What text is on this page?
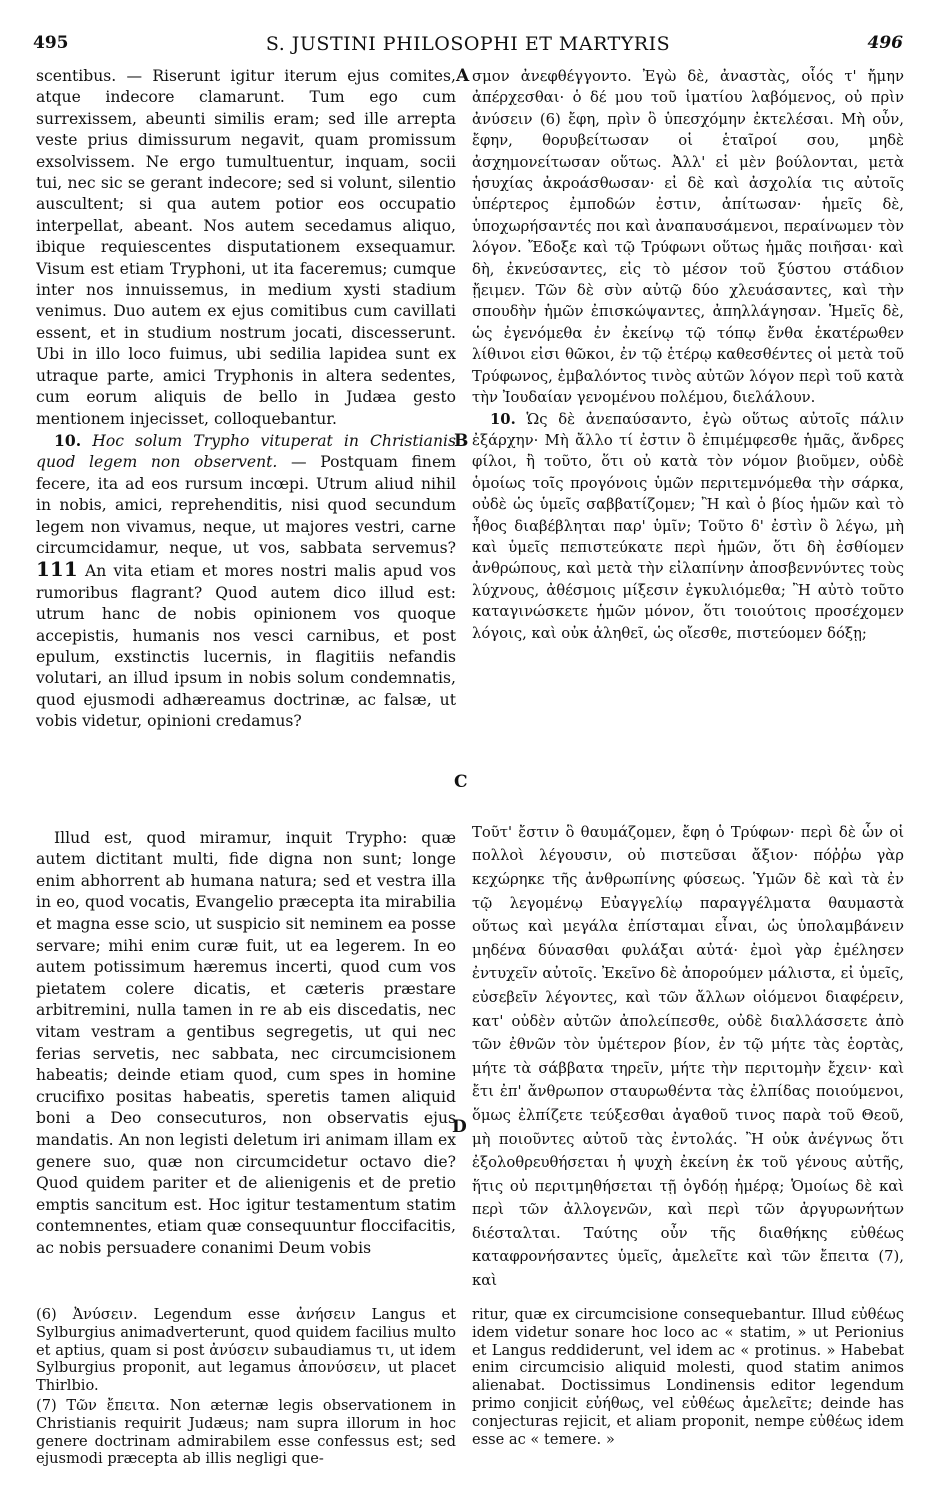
495	S. JUSTINI PHILOSOPHI ET MARTYRIS	496
A
B
C
D

scentibus. — Riserunt igitur iterum ejus comites, atque indecore clamarunt. Tum ego cum surrexissem, abeunti similis eram; sed ille arrepta veste prius dimissurum negavit, quam promissum exsolvissem. Ne ergo tumultuentur, inquam, socii tui, nec sic se gerant indecore; sed si volunt, silentio auscultent; si qua autem potior eos occupatio interpellat, abeant. Nos autem secedamus aliquo, ibique requiescentes disputationem exsequamur. Visum est etiam Tryphoni, ut ita faceremus; cumque inter nos innuissemus, in medium xysti stadium venimus. Duo autem ex ejus comitibus cum cavillati essent, et in studium nostrum jocati, discesserunt. Ubi in illo loco fuimus, ubi sedilia lapidea sunt ex utraque parte, amici Tryphonis in altera sedentes, cum eorum aliquis de bello in Judæa gesto mentionem injecisset, colloquebantur.

10. Hoc solum Trypho vituperat in Christianis quod legem non observent. — Postquam finem fecere, ita ad eos rursum incœpi. Utrum aliud nihil in nobis, amici, reprehenditis, nisi quod secundum legem non vivamus, neque, ut majores vestri, carne circumcidamur, neque, ut vos, sabbata servemus? 111 An vita etiam et mores nostri malis apud vos rumoribus flagrant? Quod autem dico illud est: utrum hanc de nobis opinionem vos quoque accepistis, humanis nos vesci carnibus, et post epulum, exstinctis lucernis, in flagitiis nefandis volutari, an illud ipsum in nobis solum condemnatis, quod ejusmodi adhæreamus doctrinæ, ac falsæ, ut vobis videtur, opinioni credamus?

Illud est, quod miramur, inquit Trypho: quæ autem dictitant multi, fide digna non sunt; longe enim abhorrent ab humana natura; sed et vestra illa in eo, quod vocatis, Evangelio præcepta ita mirabilia et magna esse scio, ut suspicio sit neminem ea posse servare; mihi enim curæ fuit, ut ea legerem. In eo autem potissimum hæremus incerti, quod cum vos pietatem colere dicatis, et cæteris præstare arbitremini, nulla tamen in re ab eis discedatis, nec vitam vestram a gentibus segregetis, ut qui nec ferias servetis, nec sabbata, nec circumcisionem habeatis; deinde etiam quod, cum spes in homine crucifixo positas habeatis, speretis tamen aliquid boni a Deo consecuturos, non observatis ejus mandatis. An non legisti deletum iri animam illam ex genere suo, quæ non circumcidetur octavo die? Quod quidem pariter et de alienigenis et de pretio emptis sancitum est. Hoc igitur testamentum statim contemnentes, etiam quæ consequuntur floccifacitis, ac nobis persuadere conanimi Deum vobis

σμον ἀνεφθέγγοντο. Ἐγὼ δὲ, ἀναστὰς, οἷός τ' ἤμην ἀπέρχεσθαι· ὁ δέ μου τοῦ ἱματίου λαβόμενος, οὐ πρὶν ἀνύσειν (6) ἔφη, πρὶν ὃ ὑπεσχόμην ἐκτελέσαι. Μὴ οὖν, ἔφην, θορυβείτωσαν οἱ ἑταῖροί σου, μηδὲ ἀσχημονείτωσαν οὕτως. Ἀλλ' εἰ μὲν βούλονται, μετὰ ἡσυχίας ἀκροάσθωσαν· εἰ δὲ καὶ ἀσχολία τις αὐτοῖς ὑπέρτερος ἐμποδών ἐστιν, ἀπίτωσαν· ἡμεῖς δὲ, ὑποχωρήσαντές ποι καὶ ἀναπαυσάμενοι, περαίνωμεν τὸν λόγον. Ἔδοξε καὶ τῷ Τρύφωνι οὕτως ἡμᾶς ποιῆσαι· καὶ δὴ, ἐκνεύσαντες, εἰς τὸ μέσον τοῦ ξύστου στάδιον ᾔειμεν. Τῶν δὲ σὺν αὐτῷ δύο χλευάσαντες, καὶ τὴν σπουδὴν ἡμῶν ἐπισκώψαντες, ἀπηλλάγησαν. Ἡμεῖς δὲ, ὡς ἐγενόμεθα ἐν ἐκείνῳ τῷ τόπῳ ἔνθα ἑκατέρωθεν λίθινοι εἰσι θῶκοι, ἐν τῷ ἑτέρῳ καθεσθέντες οἱ μετὰ τοῦ Τρύφωνος, ἐμβαλόντος τινὸς αὐτῶν λόγον περὶ τοῦ κατὰ τὴν Ἰουδαίαν γενομένου πολέμου, διελάλουν.

10. Ὡς δὲ ἀνεπαύσαντο, ἐγὼ οὕτως αὐτοῖς πάλιν ἐξάρχην· Μὴ ἄλλο τί ἐστιν ὃ ἐπιμέμφεσθε ἡμᾶς, ἄνδρες φίλοι, ἢ τοῦτο, ὅτι οὐ κατὰ τὸν νόμον βιοῦμεν, οὐδὲ ὁμοίως τοῖς προγόνοις ὑμῶν περιτεμνόμεθα τὴν σάρκα, οὐδὲ ὡς ὑμεῖς σαββατίζομεν; Ἢ καὶ ὁ βίος ἡμῶν καὶ τὸ ἦθος διαβέβληται παρ' ὑμῖν; Τοῦτο δ' ἐστὶν ὃ λέγω, μὴ καὶ ὑμεῖς πεπιστεύκατε περὶ ἡμῶν, ὅτι δὴ ἐσθίομεν ἀνθρώπους, καὶ μετὰ τὴν εἰλαπίνην ἀποσβεννύντες τοὺς λύχνους, ἀθέσμοις μίξεσιν ἐγκυλιόμεθα; Ἢ αὐτὸ τοῦτο καταγινώσκετε ἡμῶν μόνον, ὅτι τοιούτοις προσέχομεν λόγοις, καὶ οὐκ ἀληθεῖ, ὡς οἴεσθε, πιστεύομεν δόξῃ;

Τοῦτ' ἔστιν ὃ θαυμάζομεν, ἔφη ὁ Τρύφων· περὶ δὲ ὧν οἱ πολλοὶ λέγουσιν, οὐ πιστεῦσαι ἄξιον· πόῤῥω γὰρ κεχώρηκε τῆς ἀνθρωπίνης φύσεως. Ὑμῶν δὲ καὶ τὰ ἐν τῷ λεγομένῳ Εὐαγγελίῳ παραγγέλματα θαυμαστὰ οὕτως καὶ μεγάλα ἐπίσταμαι εἶναι, ὡς ὑπολαμβάνειν μηδένα δύνασθαι φυλάξαι αὐτά· ἐμοὶ γὰρ ἐμέλησεν ἐντυχεῖν αὐτοῖς. Ἐκεῖνο δὲ ἀπορούμεν μάλιστα, εἰ ὑμεῖς, εὐσεβεῖν λέγοντες, καὶ τῶν ἄλλων οἰόμενοι διαφέρειν, κατ' οὐδὲν αὐτῶν ἀπολείπεσθε, οὐδὲ διαλλάσσετε ἀπὸ τῶν ἐθνῶν τὸν ὑμέτερον βίον, ἐν τῷ μήτε τὰς ἑορτὰς, μήτε τὰ σάββατα τηρεῖν, μήτε τὴν περιτομὴν ἔχειν· καὶ ἔτι ἐπ' ἄνθρωπον σταυρωθέντα τὰς ἐλπίδας ποιούμενοι, ὅμως ἐλπίζετε τεύξεσθαι ἀγαθοῦ τινος παρὰ τοῦ Θεοῦ, μὴ ποιοῦντες αὐτοῦ τὰς ἐντολάς. Ἢ οὐκ ἀνέγνως ὅτι ἐξολοθρευθήσεται ἡ ψυχὴ ἐκείνη ἐκ τοῦ γένους αὐτῆς, ἥτις οὐ περιτμηθήσεται τῇ ὀγδόῃ ἡμέρᾳ; Ὁμοίως δὲ καὶ περὶ τῶν ἀλλογενῶν, καὶ περὶ τῶν ἀργυρωνήτων διέσταλται. Ταύτης οὖν τῆς διαθήκης εὐθέως καταφρονήσαντες ὑμεῖς, ἀμελεῖτε καὶ τῶν ἔπειτα (7), καὶ

(6) Ἀνύσειν. Legendum esse ἀνήσειν Langus et Sylburgius animadverterunt, quod quidem facilius multo et aptius, quam si post ἀνύσειν subaudiamus τι, ut idem Sylburgius proponit, aut legamus ἀπονύσειν, ut placet Thirlbio.

(7) Τῶν ἔπειτα. Non æternæ legis observationem in Christianis requirit Judæus; nam supra illorum in hoc genere doctrinam admirabilem esse confessus est; sed ejusmodi præcepta ab illis negligi que-

ritur, quæ ex circumcisione consequebantur. Illud εὐθέως idem videtur sonare hoc loco ac « statim, » ut Perionius et Langus reddiderunt, vel idem ac « protinus. » Habebat enim circumcisio aliquid molesti, quod statim animos alienabat. Doctissimus Londinensis editor legendum primo conjicit εὐήθως, vel εὐθέως ἀμελεῖτε; deinde has conjecturas rejicit, et aliam proponit, nempe εὐθέως idem esse ac « temere. »
